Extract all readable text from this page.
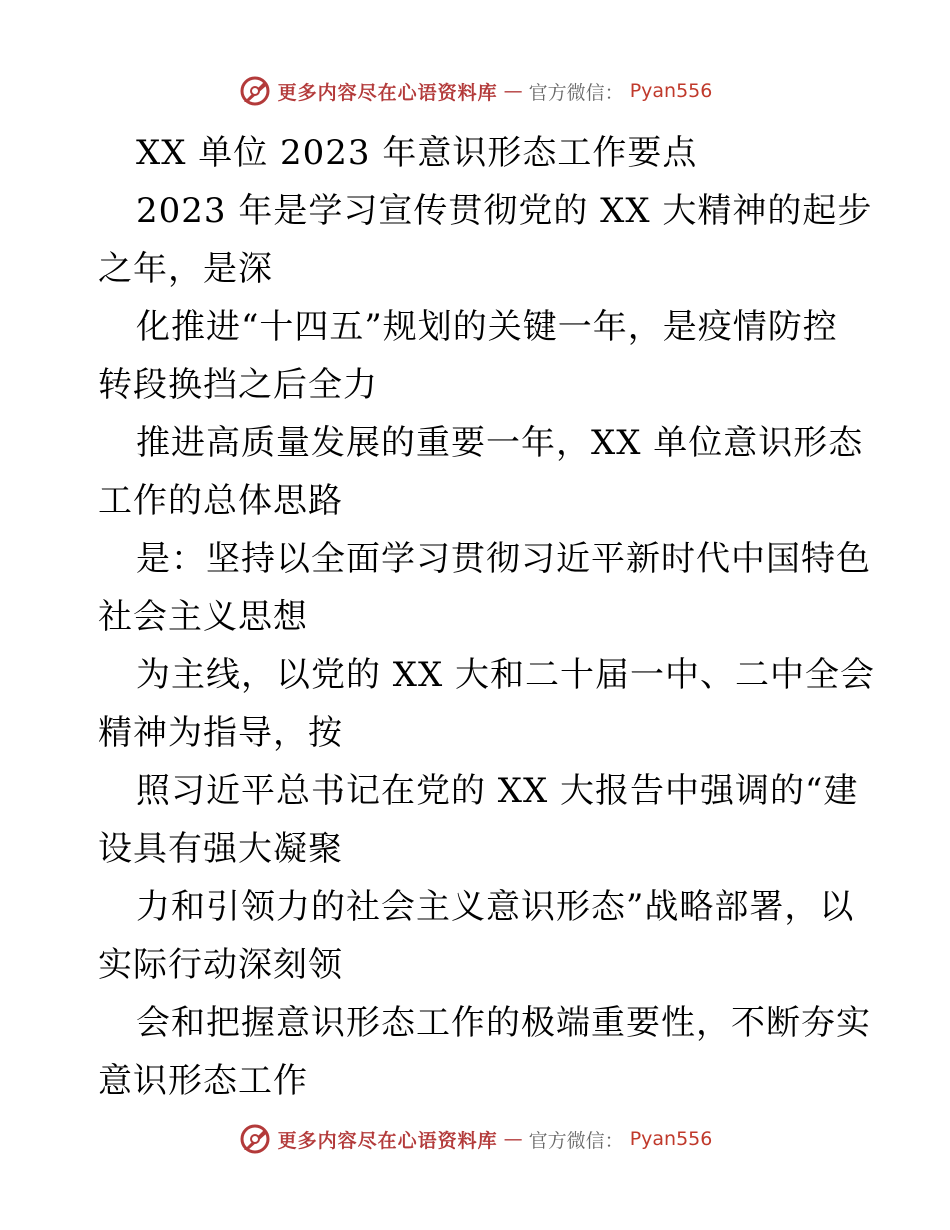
更多内容尽在心语资料库 — 官方微信： Pyan556
XX 单位 2023 年意识形态工作要点
2023 年是学习宣传贯彻党的 XX 大精神的起步
之年，是深
化推进“十四五”规划的关键一年，是疫情防控
转段换挡之后全力
推进高质量发展的重要一年，XX 单位意识形态
工作的总体思路
是：坚持以全面学习贯彻习近平新时代中国特色
社会主义思想
为主线，以党的 XX 大和二十届一中、二中全会
精神为指导，按
照习近平总书记在党的 XX 大报告中强调的“建
设具有强大凝聚
力和引领力的社会主义意识形态”战略部署，以
实际行动深刻领
会和把握意识形态工作的极端重要性，不断夯实
意识形态工作
更多内容尽在心语资料库 — 官方微信： Pyan556
